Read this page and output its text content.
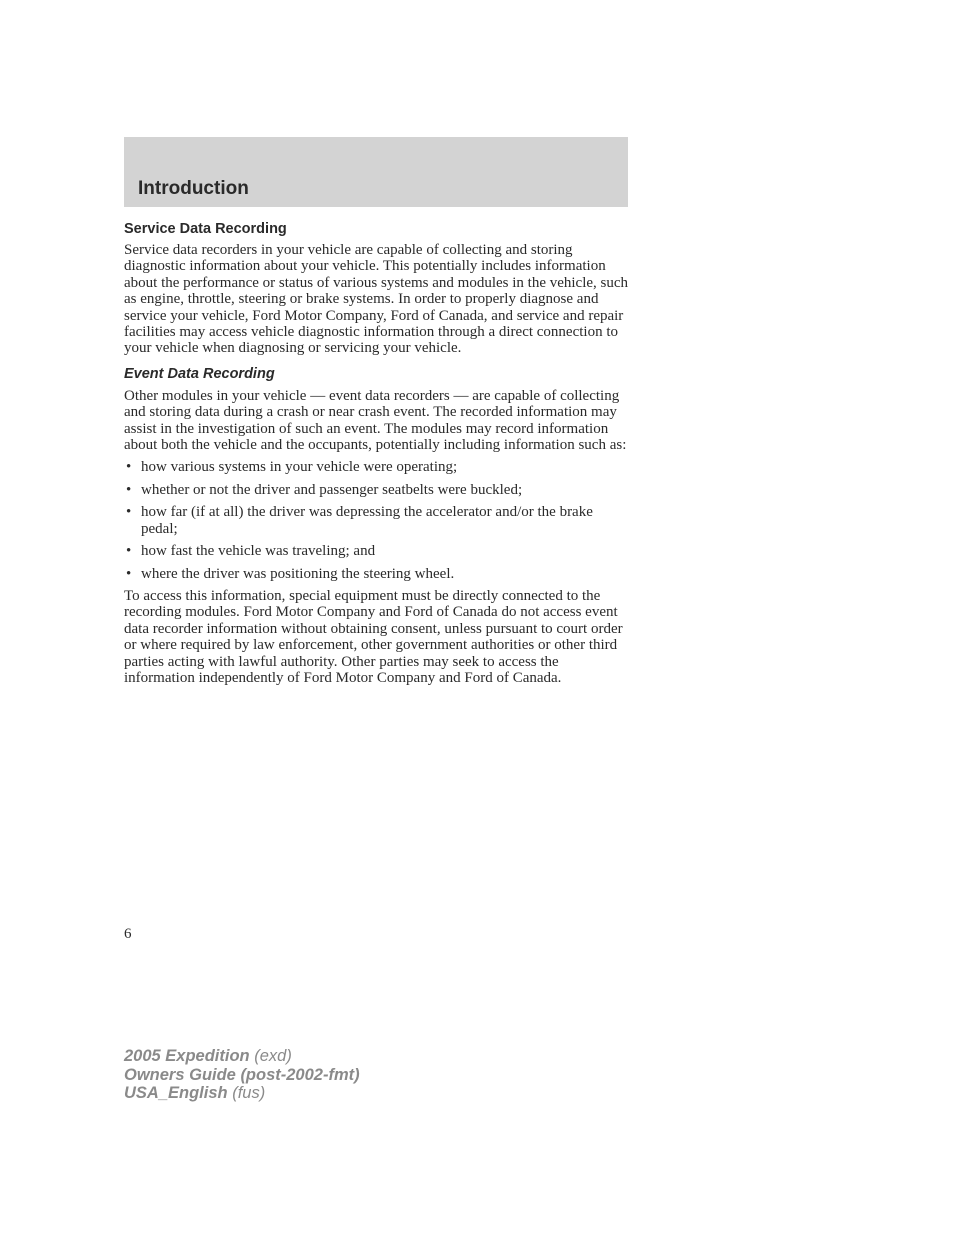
Introduction
Service Data Recording

Service data recorders in your vehicle are capable of collecting and storing diagnostic information about your vehicle. This potentially includes information about the performance or status of various systems and modules in the vehicle, such as engine, throttle, steering or brake systems. In order to properly diagnose and service your vehicle, Ford Motor Company, Ford of Canada, and service and repair facilities may access vehicle diagnostic information through a direct connection to your vehicle when diagnosing or servicing your vehicle.

Event Data Recording

Other modules in your vehicle — event data recorders — are capable of collecting and storing data during a crash or near crash event. The recorded information may assist in the investigation of such an event. The modules may record information about both the vehicle and the occupants, potentially including information such as:

• how various systems in your vehicle were operating;
• whether or not the driver and passenger seatbelts were buckled;
• how far (if at all) the driver was depressing the accelerator and/or the brake pedal;
• how fast the vehicle was traveling; and
• where the driver was positioning the steering wheel.

To access this information, special equipment must be directly connected to the recording modules. Ford Motor Company and Ford of Canada do not access event data recorder information without obtaining consent, unless pursuant to court order or where required by law enforcement, other government authorities or other third parties acting with lawful authority. Other parties may seek to access the information independently of Ford Motor Company and Ford of Canada.

6
2005 Expedition (exd)
Owners Guide (post-2002-fmt)
USA_English (fus)
